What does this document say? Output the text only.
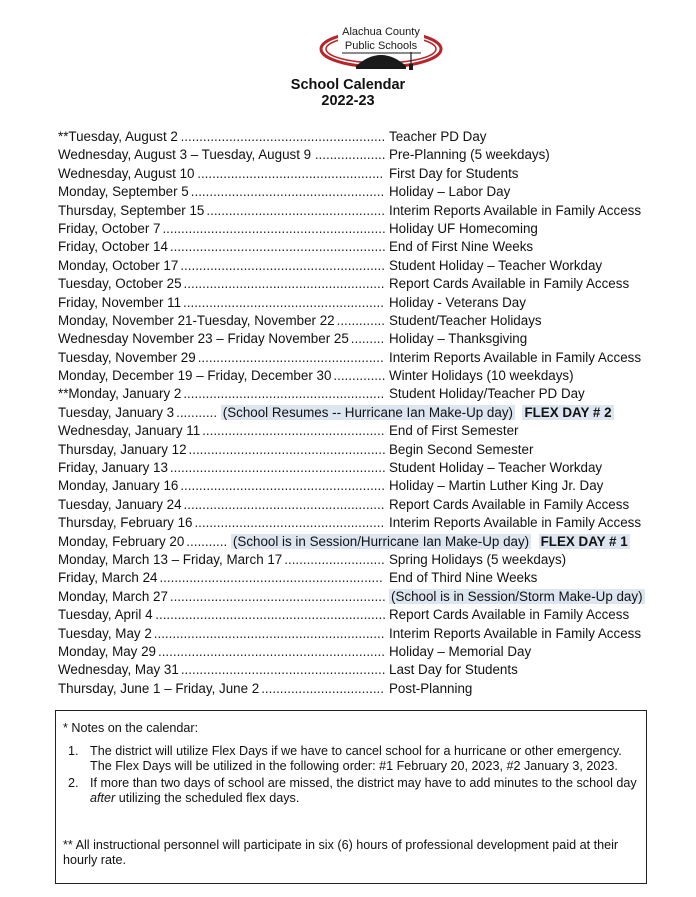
Alachua County
Public Schools
School Calendar
2022-23
**Tuesday, August 2 ....................................................... Teacher PD Day
Wednesday, August 3 – Tuesday, August 9 ................... Pre-Planning (5 weekdays)
Wednesday, August 10 .................................................. First Day for Students
Monday, September 5 .................................................... Holiday – Labor Day
Thursday, September 15 ................................................ Interim Reports Available in Family Access
Friday, October 7 ............................................................ Holiday UF Homecoming
Friday, October 14 .......................................................... End of First Nine Weeks
Monday, October 17 ....................................................... Student Holiday – Teacher Workday
Tuesday, October 25 ...................................................... Report Cards Available in Family Access
Friday, November 11 ...................................................... Holiday - Veterans Day
Monday, November 21-Tuesday, November 22 ............. Student/Teacher Holidays
Wednesday November 23 – Friday November 25 ......... Holiday – Thanksgiving
Tuesday, November 29 .................................................. Interim Reports Available in Family Access
Monday, December 19 – Friday, December 30 .............. Winter Holidays (10 weekdays)
**Monday, January 2 ...................................................... Student Holiday/Teacher PD Day
Tuesday, January 3 ........... (School Resumes -- Hurricane Ian Make-Up day) FLEX DAY # 2
Wednesday, January 11 ................................................. End of First Semester
Thursday, January 12 ..................................................... Begin Second Semester
Friday, January 13 .......................................................... Student Holiday – Teacher Workday
Monday, January 16 ....................................................... Holiday – Martin Luther King Jr. Day
Tuesday, January 24 ...................................................... Report Cards Available in Family Access
Thursday, February 16 ................................................... Interim Reports Available in Family Access
Monday, February 20 ........... (School is in Session/Hurricane Ian Make-Up day) FLEX DAY # 1
Monday, March 13 – Friday, March 17 ........................... Spring Holidays (5 weekdays)
Friday, March 24 ............................................................ End of Third Nine Weeks
Monday, March 27 .......................................................... (School is in Session/Storm Make-Up day)
Tuesday, April 4 .............................................................. Report Cards Available in Family Access
Tuesday, May 2 .............................................................. Interim Reports Available in Family Access
Monday, May 29 ............................................................. Holiday – Memorial Day
Wednesday, May 31 ....................................................... Last Day for Students
Thursday, June 1 – Friday, June 2 ................................. Post-Planning
* Notes on the calendar:
1. The district will utilize Flex Days if we have to cancel school for a hurricane or other emergency. The Flex Days will be utilized in the following order: #1 February 20, 2023, #2 January 3, 2023.
2. If more than two days of school are missed, the district may have to add minutes to the school day after utilizing the scheduled flex days.
** All instructional personnel will participate in six (6) hours of professional development paid at their hourly rate.
